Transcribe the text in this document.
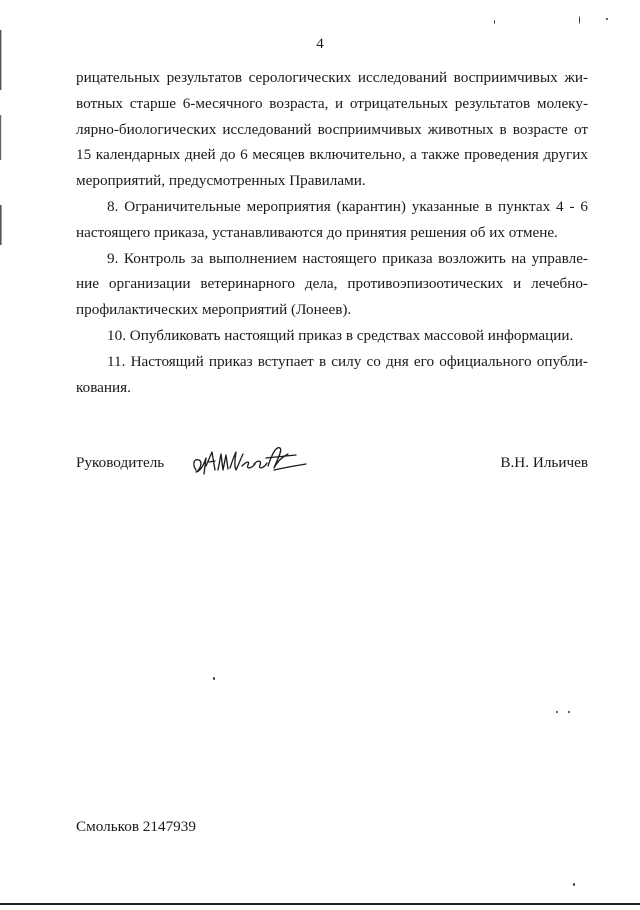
4
рицательных результатов серологических исследований восприимчивых жи-
вотных старше 6-месячного возраста, и отрицательных результатов молеку-
лярно-биологических исследований восприимчивых животных в возрасте от
15 календарных дней до 6 месяцев включительно, а также проведения других
мероприятий, предусмотренных Правилами.
8. Ограничительные мероприятия (карантин) указанные в пунктах 4 - 6
настоящего приказа, устанавливаются до принятия решения об их отмене.
9. Контроль за выполнением настоящего приказа возложить на управле-
ние организации ветеринарного дела, противоэпизоотических и лечебно-
профилактических мероприятий (Лонеев).
10. Опубликовать настоящий приказ в средствах массовой информации.
11. Настоящий приказ вступает в силу со дня его официального опубли-
кования.
Руководитель	В.Н. Ильичев
Смольков 2147939
